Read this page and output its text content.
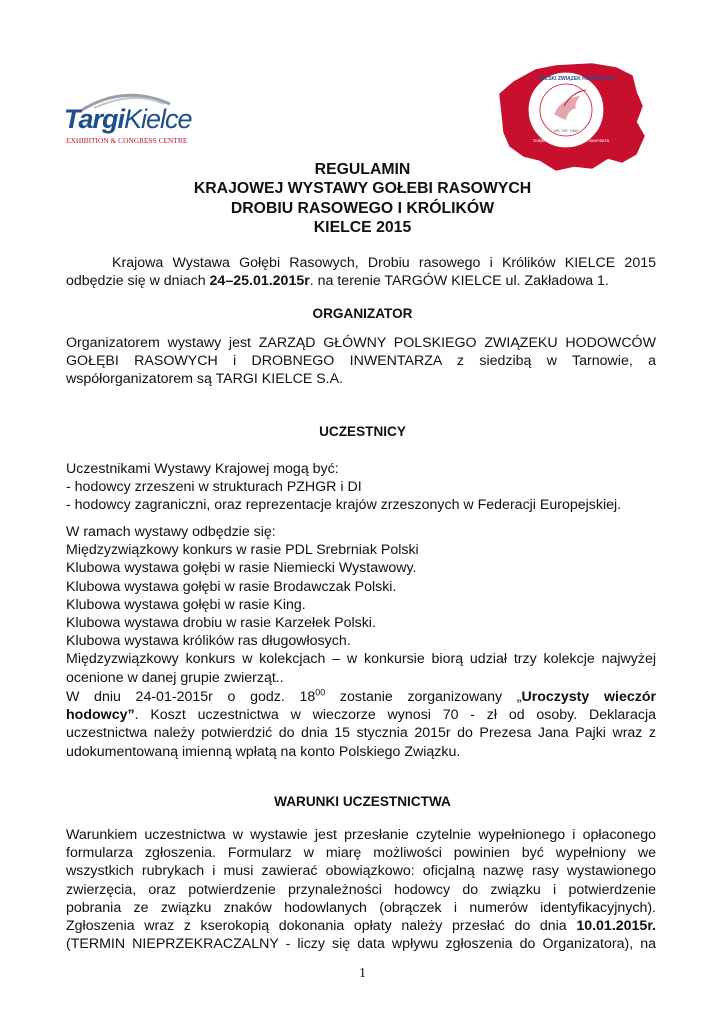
TargiKielce
EXHIBITION & CONGRESS CENTRE
POLSKI ZWIĄZEK HODOWCÓW
UR. GR. 1960
Gołębi Rasowych i Drobnego Inwentarza
REGULAMIN
KRAJOWEJ WYSTAWY GOŁEBI RASOWYCH
DROBIU RASOWEGO I KRÓLIKÓW
KIELCE 2015
Krajowa Wystawa Gołębi Rasowych, Drobiu rasowego i Królików KIELCE 2015
odbędzie się w dniach 24–25.01.2015r. na terenie TARGÓW KIELCE ul. Zakładowa 1.
ORGANIZATOR
Organizatorem wystawy jest ZARZĄD GŁÓWNY POLSKIEGO ZWIĄZEKU HODOWCÓW
GOŁĘBI RASOWYCH i DROBNEGO INWENTARZA z siedzibą w Tarnowie, a
współorganizatorem są TARGI KIELCE S.A.
UCZESTNICY
Uczestnikami Wystawy Krajowej mogą być:
- hodowcy zrzeszeni w strukturach PZHGR i DI
- hodowcy zagraniczni, oraz reprezentacje krajów zrzeszonych w Federacji Europejskiej.
W ramach wystawy odbędzie się:
Międzyzwiązkowy konkurs w rasie PDL Srebrniak Polski
Klubowa wystawa gołębi w rasie Niemiecki Wystawowy.
Klubowa wystawa gołębi w rasie Brodawczak Polski.
Klubowa wystawa gołębi w rasie King.
Klubowa wystawa drobiu w rasie Karzełek Polski.
Klubowa wystawa królików ras długowłosych.
Międzyzwiązkowy konkurs w kolekcjach – w konkursie biorą udział trzy kolekcje najwyżej
ocenione w danej grupie zwierząt..
W dniu 24-01-2015r o godz. $18^{00}$ zostanie zorganizowany „Uroczysty wieczór
hodowcy”. Koszt uczestnictwa w wieczorze wynosi 70 - zł od osoby. Deklaracja
uczestnictwa należy potwierdzić do dnia 15 stycznia 2015r do Prezesa Jana Pajki wraz z
udokumentowaną imienną wpłatą na konto Polskiego Związku.
WARUNKI UCZESTNICTWA
Warunkiem uczestnictwa w wystawie jest przesłanie czytelnie wypełnionego i opłaconego
formularza zgłoszenia. Formularz w miarę możliwości powinien być wypełniony we
wszystkich rubrykach i musi zawierać obowiązkowo: oficjalną nazwę rasy wystawionego
zwierzęcia, oraz potwierdzenie przynależności hodowcy do związku i potwierdzenie
pobrania ze związku znaków hodowlanych (obrączek i numerów identyfikacyjnych).
Zgłoszenia wraz z kserokopią dokonania opłaty należy przesłać do dnia 10.01.2015r.
(TERMIN NIEPRZEKRACZALNY - liczy się data wpływu zgłoszenia do Organizatora), na
1
